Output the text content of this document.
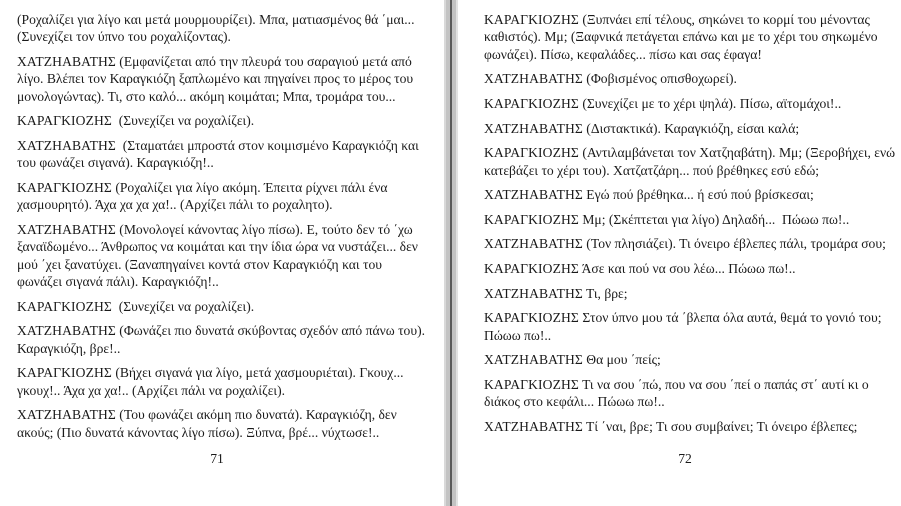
(Ροχαλίζει για λίγο και μετά μουρμουρίζει). Μπα, ματιασμένος θά ΄μαι... (Συνεχίζει τον ύπνο του ροχαλίζοντας).

ΧΑΤΖΗΑΒΑΤΗΣ (Εμφανίζεται από την πλευρά του σαραγιού μετά από λίγο. Βλέπει τον Καραγκιόζη ξαπλωμένο και πηγαίνει προς το μέρος του μονολογώντας). Τι, στο καλό... ακόμη κοιμάται; Μπα, τρομάρα του...

ΚΑΡΑΓΚΙΟΖΗΣ  (Συνεχίζει να ροχαλίζει).

ΧΑΤΖΗΑΒΑΤΗΣ  (Σταματάει μπροστά στον κοιμισμένο Καραγκιόζη και του φωνάζει σιγανά). Καραγκιόζη!..

ΚΑΡΑΓΚΙΟΖΗΣ (Ροχαλίζει για λίγο ακόμη. Έπειτα ρίχνει πάλι ένα χασμουρητό). Άχα χα χα χα!.. (Αρχίζει πάλι το ροχαλητο).

ΧΑΤΖΗΑΒΑΤΗΣ (Μονολογεί κάνοντας λίγο πίσω). Ε, τούτο δεν τό ΄χω ξαναϊδωμένο... Άνθρωπος να κοιμάται και την ίδια ώρα να νυστάζει... δεν μού ΄χει ξανατύχει. (Ξαναπηγαίνει κοντά στον Καραγκιόζη και του φωνάζει σιγανά πάλι). Καραγκιόζη!..

ΚΑΡΑΓΚΙΟΖΗΣ  (Συνεχίζει να ροχαλίζει).

ΧΑΤΖΗΑΒΑΤΗΣ (Φωνάζει πιο δυνατά σκύβοντας σχεδόν από πάνω του). Καραγκιόζη, βρε!..

ΚΑΡΑΓΚΙΟΖΗΣ (Βήχει σιγανά για λίγο, μετά χασμουριέται). Γκουχ... γκουχ!.. Άχα χα χα!.. (Αρχίζει πάλι να ροχαλίζει).

ΧΑΤΖΗΑΒΑΤΗΣ (Του φωνάζει ακόμη πιο δυνατά). Καραγκιόζη, δεν ακούς; (Πιο δυνατά κάνοντας λίγο πίσω). Ξύπνα, βρέ... νύχτωσε!..

71

ΚΑΡΑΓΚΙΟΖΗΣ (Ξυπνάει επί τέλους, σηκώνει το κορμί του μένοντας καθιστός). Μμ; (Ξαφνικά πετάγεται επάνω και με το χέρι του σηκωμένο φωνάζει). Πίσω, κεφαλάδες... πίσω και σας έφαγα!

ΧΑΤΖΗΑΒΑΤΗΣ (Φοβισμένος οπισθοχωρεί).

ΚΑΡΑΓΚΙΟΖΗΣ (Συνεχίζει με το χέρι ψηλά). Πίσω, αϊτομάχοι!..

ΧΑΤΖΗΑΒΑΤΗΣ (Διστακτικά). Καραγκιόζη, είσαι καλά;

ΚΑΡΑΓΚΙΟΖΗΣ (Αντιλαμβάνεται τον Χατζηαβάτη). Μμ; (Ξεροβήχει, ενώ κατεβάζει το χέρι του). Χατζατζάρη... πού βρέθηκες εσύ εδώ;

ΧΑΤΖΗΑΒΑΤΗΣ Εγώ πού βρέθηκα... ή εσύ πού βρίσκεσαι;

ΚΑΡΑΓΚΙΟΖΗΣ Μμ; (Σκέπτεται για λίγο) Δηλαδή...  Πώωω πω!..

ΧΑΤΖΗΑΒΑΤΗΣ (Τον πλησιάζει). Τι όνειρο έβλεπες πάλι, τρομάρα σου;

ΚΑΡΑΓΚΙΟΖΗΣ Άσε και πού να σου λέω... Πώωω πω!..

ΧΑΤΖΗΑΒΑΤΗΣ Τι, βρε;

ΚΑΡΑΓΚΙΟΖΗΣ Στον ύπνο μου τά ΄βλεπα όλα αυτά, θεμά το γονιό του; Πώωω πω!..

ΧΑΤΖΗΑΒΑΤΗΣ Θα μου ΄πείς;

ΚΑΡΑΓΚΙΟΖΗΣ Τι να σου ΄πώ, που να σου ΄πεί ο παπάς στ΄ αυτί κι ο διάκος στο κεφάλι... Πώωω πω!..

ΧΑΤΖΗΑΒΑΤΗΣ Τί ΄ναι, βρε; Τι σου συμβαίνει; Τι όνειρο έβλεπες;

72
